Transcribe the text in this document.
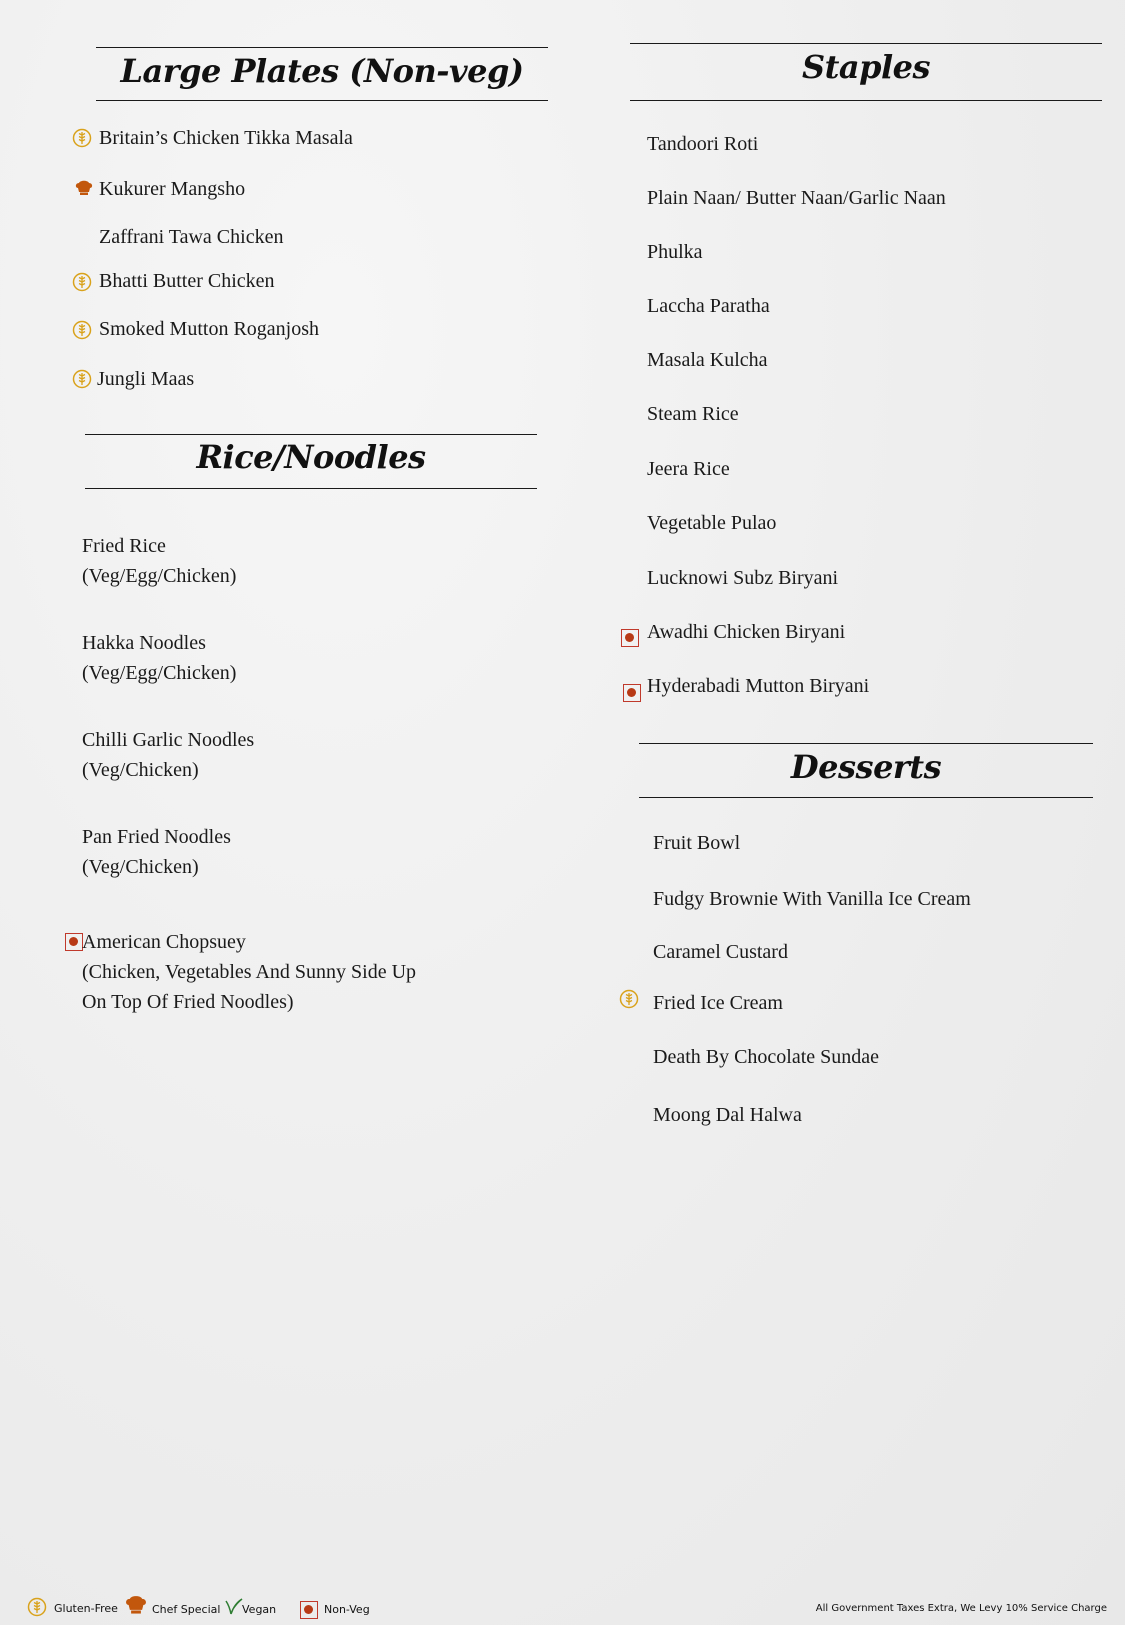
Large Plates (Non-veg)
Britain’s Chicken Tikka Masala
Kukurer Mangsho
Zaffrani Tawa Chicken
Bhatti Butter Chicken
Smoked Mutton Roganjosh
Jungli Maas
Rice/Noodles
Fried Rice
(Veg/Egg/Chicken)
Hakka Noodles
(Veg/Egg/Chicken)
Chilli Garlic Noodles
(Veg/Chicken)
Pan Fried Noodles
(Veg/Chicken)
American Chopsuey
(Chicken, Vegetables And Sunny Side Up
On Top Of Fried Noodles)
Staples
Tandoori Roti
Plain Naan/ Butter Naan/Garlic Naan
Phulka
Laccha Paratha
Masala Kulcha
Steam Rice
Jeera Rice
Vegetable Pulao
Lucknowi Subz Biryani
Awadhi Chicken Biryani
Hyderabadi Mutton Biryani
Desserts
Fruit Bowl
Fudgy Brownie With Vanilla Ice Cream
Caramel Custard
Fried Ice Cream
Death By Chocolate Sundae
Moong Dal Halwa
Gluten-Free	Chef Special Vegan	Non-Veg	All Government Taxes Extra, We Levy 10% Service Charge
